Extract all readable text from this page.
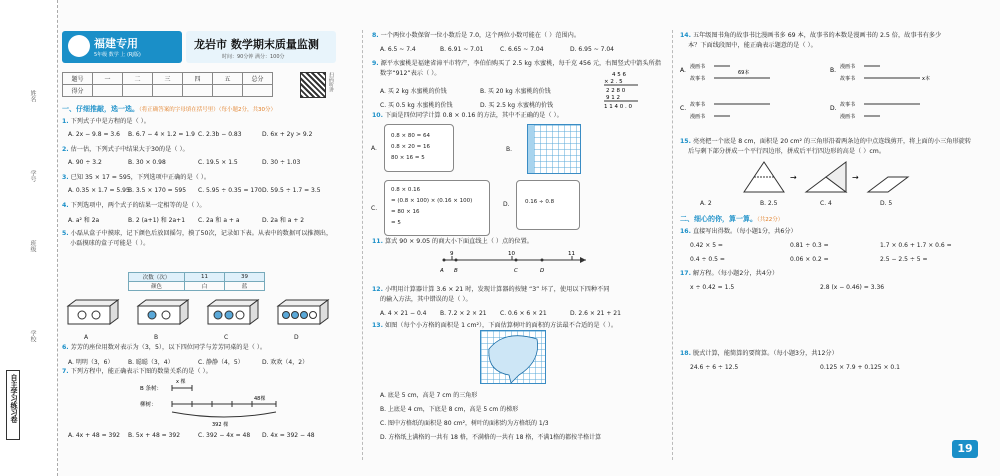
姓名
学号
班级
学校
自主学习练习卷
福建专用
5年级 数学 上 (RJ版)
龙岩市 数学期末质量监测
时间：90分钟 满分：100分
题号	一	二	三	四	五	总分
得分							扫码听讲
一、仔细推敲，选一选。（将正确答案的字母填在括号里）（每小题2分，共30分）
次数（次）	11	39
颜色	白	蓝
B 条树：
柳树：
x 棵
48棵
392 棵
4 5 6
× 2 . 5
2 2 8 0
9 1 2
1 1 4 0 . 0
A.
0.8 × 80 = 64
0.8 × 20 = 16
80 × 16 = 5
B.
C.
0.8 × 0.16
= (0.8 × 100) × (0.16 × 100)
= 80 × 16
= 5
D.	0.16 ÷ 0.8
9	10	11
A B	C	D
A. 漫画书
故事书
69本	B. 漫画书
故事书	x本
C. 故事书
漫画书
D. 故事书
漫画书
→	→
二、细心的你，算一算。（共22分）
16. 直接写出得数。（每小题1分，共6分）
0.42 × 5 =	0.81 ÷ 0.3 =	1.7 × 0.6 + 1.7 × 0.6 =
0.4 ÷ 0.5 =	0.06 × 0.2 =	2.5 − 2.5 ÷ 5 =
17. 解方程。（每小题2分，共4分）
x ÷ 0.42 = 1.5	2.8 (x − 0.46) = 3.36
18. 脱式计算，能简算的要简算。（每小题3分，共12分）
24.6 ÷ 6 ÷ 12.5	0.125 × 7.9 + 0.125 × 0.1
19
1. 下列式子中是方程的是（ ）。
A. 2x − 9.8 = 3.6 B. 6.7 − 4 × 1.2 = 1.9 C. 2.3b − 0.83	D. 6x + 2y > 9.2
2. 估一估，下列式子中结果大于30的是（ ）。
A. 90 ÷ 3.2	B. 30 × 0.98	C. 19.5 × 1.5	D. 30 ÷ 1.03
3. 已知 35 × 17 = 595，下列选项中正确的是（ ）。
A. 0.35 × 1.7 = 5.95
B. 3.5 × 170 = 595 C. 5.95 ÷ 0.35 = 170 D. 59.5 ÷ 1.7 = 3.5
4. 下列选项中，两个式子的结果一定相等的是（ ）。
A. a² 和 2a	B. 2 (a+1) 和 2a+1 C. 2a 和 a + a	D. 2a 和 a + 2
5. 小磊从盒子中摸球，记下颜色后放回摇匀，摸了50次，记录如下表。从表中的数据可以推测出，
小磊摸球的盒子可能是（ ）。
A	B	C	D
6. 芳芳的座位用数对表示为（3，5），以下四位同学与芳芳同桌的是（ ）。
A. 明明（3，6） B. 聪聪（3，4）	C. 静静（4，5）	D. 欢欢（4，2）
7. 下列方程中，能正确表示下图的数量关系的是（ ）。
A. 4x + 48 = 392 B. 5x + 48 = 392	C. 392 − 4x = 48 D. 4x = 392 − 48
8. 一个两位小数保留一位小数后是 7.0，这个两位小数可能在（ ）范围内。
A. 6.5 ~ 7.4	B. 6.91 ~ 7.01	C. 6.65 ~ 7.04	D. 6.95 ~ 7.04
9. 源平水蜜桃是福建省漳平市特产，李伯伯购买了 2.5 kg 水蜜桃，每千克 456 元，右图竖式中箭头所指
数字“912”表示（ ）。
A. 买 2 kg 水蜜桃的价钱	B. 买 20 kg 水蜜桃的价钱
C. 买 0.5 kg 水蜜桃的价钱	D. 买 2.5 kg 水蜜桃的价钱
10. 下面是四位同学计算 0.8 × 0.16 的方法，其中不正确的是（ ）。
11. 算式 90 × 9.05 的商大小下面直线上（ ）点的位置。
12. 小明用计算器计算 3.6 × 21 时，发现计算器的按键 “3” 坏了，使用以下四种不同
的输入方法，其中错误的是（ ）。
A. 4 × 21 − 0.4 B. 7.2 × 2 × 21 C. 0.6 × 6 × 21	D. 2.6 × 21 + 21
13. 如图（每个小方格的面积是 1 cm²），下面估算树叶的面积的方法最不合适的是（ ）。
A. 底是 5 cm，高是 7 cm 的三角形
B. 上底是 4 cm，下底是 8 cm，高是 5 cm 的梯形
C. 图中方格纸的面积是 80 cm²，树叶的面积约为方格纸的 1/3
D. 方格纸上满格的一共有 18 格，不满格的一共有 18 格，不满1格的都按半格计算
14. 五年级图书角的故事书比漫画书多 69 本，故事书的本数是漫画书的 2.5 倍，故事书有多少
本？下面线段图中，能正确表示题意的是（ ）。
15. 亮亮把一个底是 8 cm，面积是 20 cm² 的三角形沿着两条边的中点连线剪开，将上面的小三角形旋转
后与剩下部分拼成一个平行四边形，拼成后平行四边形的高是（ ）cm。
A. 2	B. 2.5	C. 4	D. 5
